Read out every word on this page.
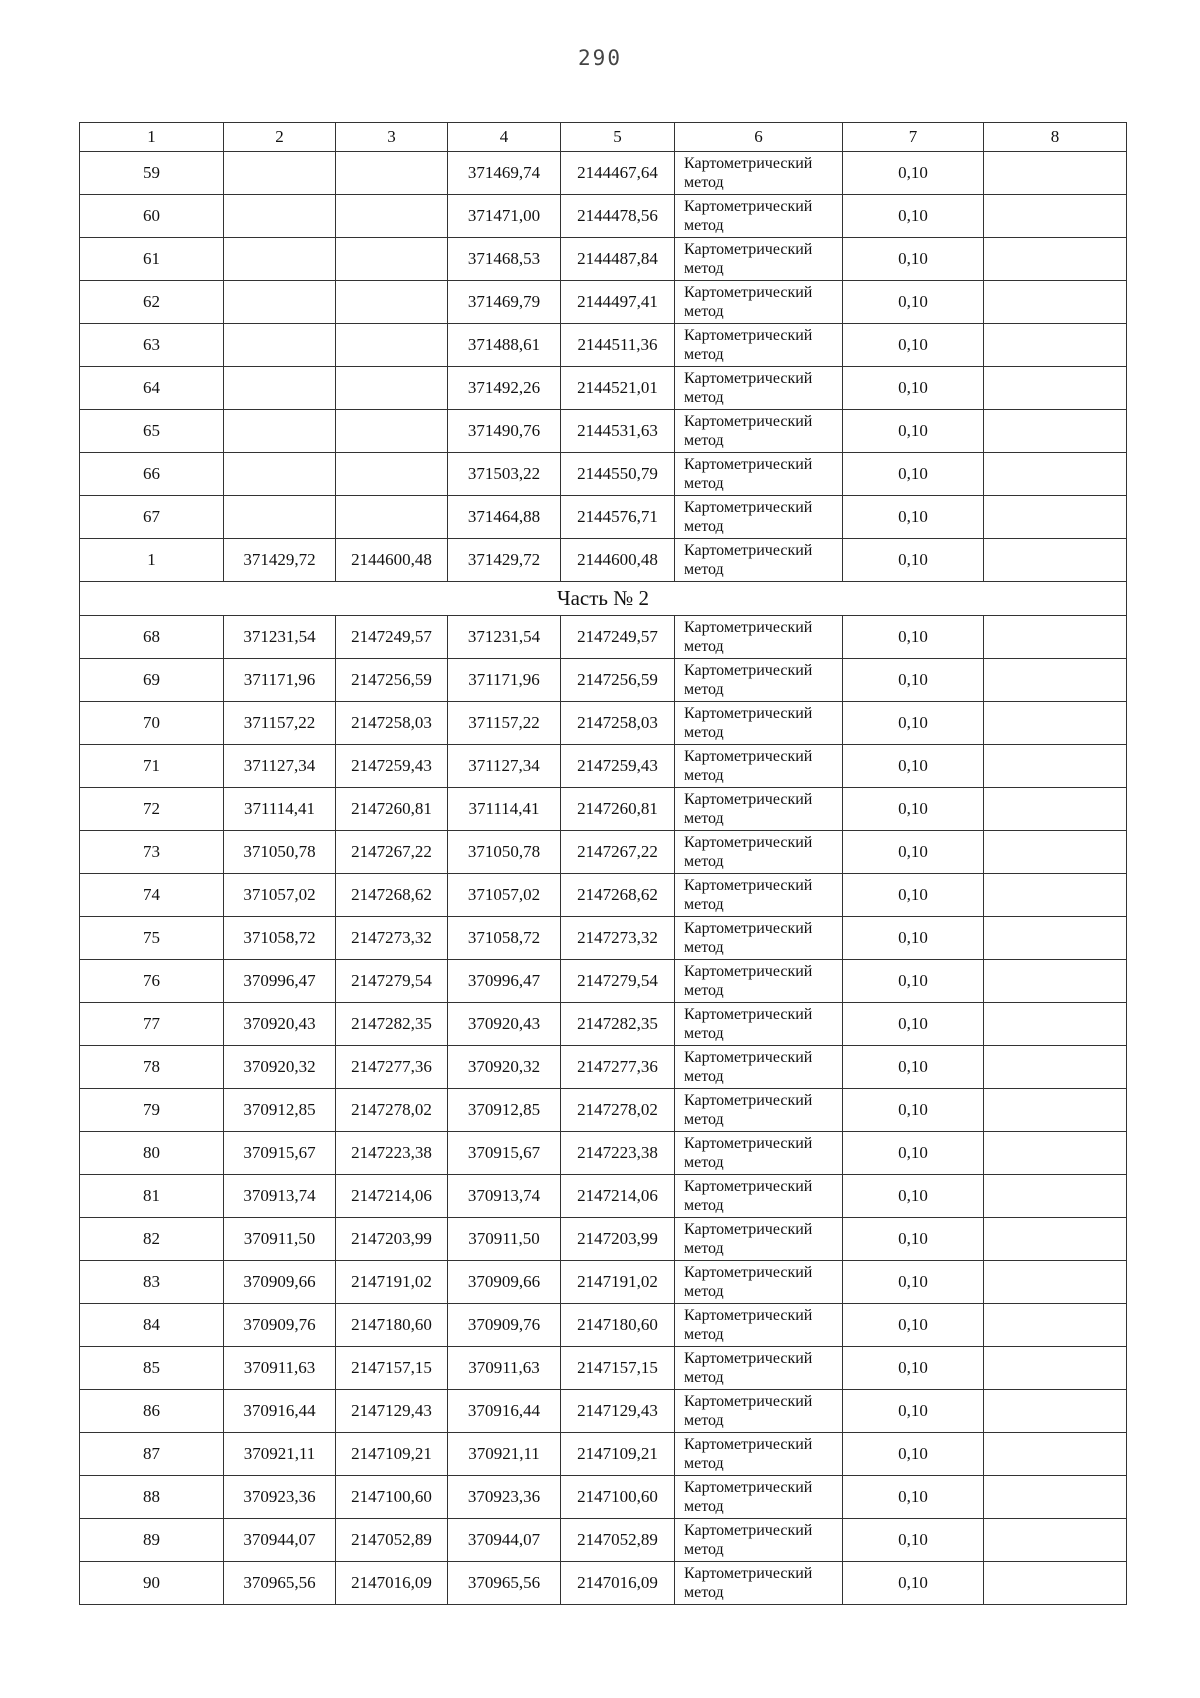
290
1	2	3	4	5	6	7	8
59			371469,74	2144467,64	Картометрический
метод	0,10	
60			371471,00	2144478,56	Картометрический
метод	0,10	
61			371468,53	2144487,84	Картометрический
метод	0,10	
62			371469,79	2144497,41	Картометрический
метод	0,10	
63			371488,61	2144511,36	Картометрический
метод	0,10	
64			371492,26	2144521,01	Картометрический
метод	0,10	
65			371490,76	2144531,63	Картометрический
метод	0,10	
66			371503,22	2144550,79	Картометрический
метод	0,10	
67			371464,88	2144576,71	Картометрический
метод	0,10	
1	371429,72	2144600,48	371429,72	2144600,48	Картометрический
метод	0,10	
Часть № 2							
68	371231,54	2147249,57	371231,54	2147249,57	Картометрический
метод	0,10	
69	371171,96	2147256,59	371171,96	2147256,59	Картометрический
метод	0,10	
70	371157,22	2147258,03	371157,22	2147258,03	Картометрический
метод	0,10	
71	371127,34	2147259,43	371127,34	2147259,43	Картометрический
метод	0,10	
72	371114,41	2147260,81	371114,41	2147260,81	Картометрический
метод	0,10	
73	371050,78	2147267,22	371050,78	2147267,22	Картометрический
метод	0,10	
74	371057,02	2147268,62	371057,02	2147268,62	Картометрический
метод	0,10	
75	371058,72	2147273,32	371058,72	2147273,32	Картометрический
метод	0,10	
76	370996,47	2147279,54	370996,47	2147279,54	Картометрический
метод	0,10	
77	370920,43	2147282,35	370920,43	2147282,35	Картометрический
метод	0,10	
78	370920,32	2147277,36	370920,32	2147277,36	Картометрический
метод	0,10	
79	370912,85	2147278,02	370912,85	2147278,02	Картометрический
метод	0,10	
80	370915,67	2147223,38	370915,67	2147223,38	Картометрический
метод	0,10	
81	370913,74	2147214,06	370913,74	2147214,06	Картометрический
метод	0,10	
82	370911,50	2147203,99	370911,50	2147203,99	Картометрический
метод	0,10	
83	370909,66	2147191,02	370909,66	2147191,02	Картометрический
метод	0,10	
84	370909,76	2147180,60	370909,76	2147180,60	Картометрический
метод	0,10	
85	370911,63	2147157,15	370911,63	2147157,15	Картометрический
метод	0,10	
86	370916,44	2147129,43	370916,44	2147129,43	Картометрический
метод	0,10	
87	370921,11	2147109,21	370921,11	2147109,21	Картометрический
метод	0,10	
88	370923,36	2147100,60	370923,36	2147100,60	Картометрический
метод	0,10	
89	370944,07	2147052,89	370944,07	2147052,89	Картометрический
метод	0,10	
90	370965,56	2147016,09	370965,56	2147016,09	Картометрический
метод	0,10	
